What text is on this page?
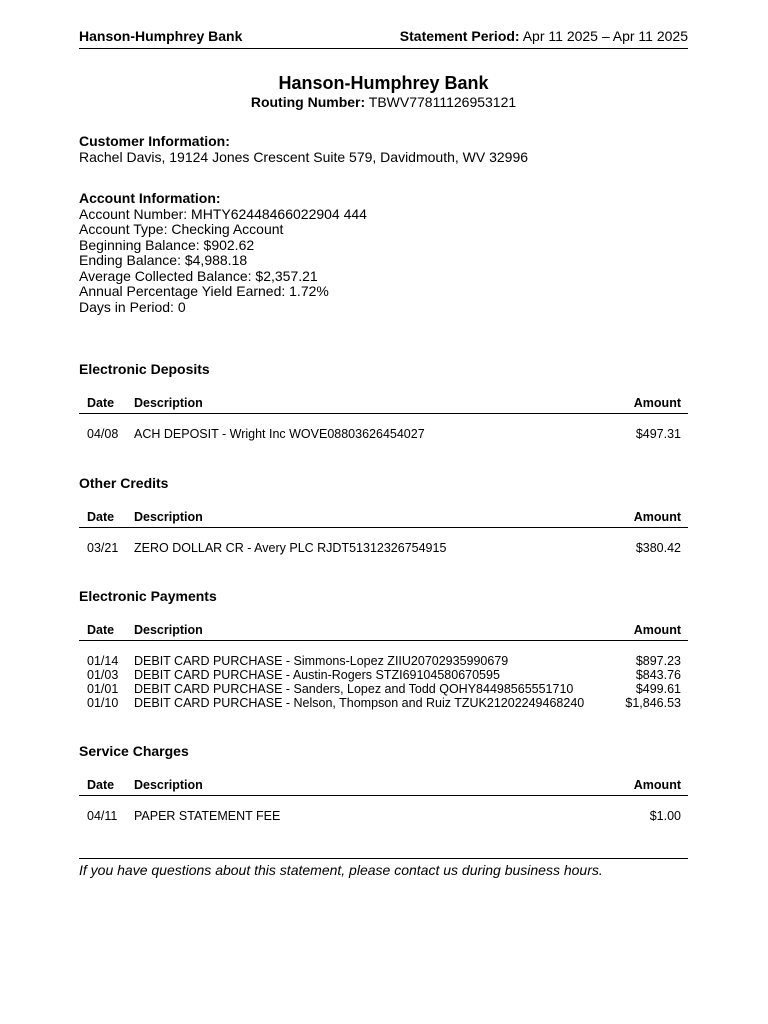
Hanson-Humphrey Bank	Statement Period: Apr 11 2025 – Apr 11 2025
Hanson-Humphrey Bank
Routing Number: TBWV77811126953121
Customer Information:
Rachel Davis, 19124 Jones Crescent Suite 579, Davidmouth, WV 32996
Account Information:
Account Number: MHTY62448466022904 444
Account Type: Checking Account
Beginning Balance: $902.62
Ending Balance: $4,988.18
Average Collected Balance: $2,357.21
Annual Percentage Yield Earned: 1.72%
Days in Period: 0
Electronic Deposits
Date	Description	Amount

04/08	ACH DEPOSIT - Wright Inc WOVE08803626454027	$497.31
Other Credits
Date	Description	Amount

03/21	ZERO DOLLAR CR - Avery PLC RJDT51312326754915	$380.42
Electronic Payments
Date	Description	Amount

01/14	DEBIT CARD PURCHASE - Simmons-Lopez ZIIU20702935990679	$897.23
01/03	DEBIT CARD PURCHASE - Austin-Rogers STZI69104580670595	$843.76
01/01	DEBIT CARD PURCHASE - Sanders, Lopez and Todd QOHY84498565551710	$499.61
01/10	DEBIT CARD PURCHASE - Nelson, Thompson and Ruiz TZUK21202249468240	$1,846.53
Service Charges
Date	Description	Amount

04/11	PAPER STATEMENT FEE	$1.00
If you have questions about this statement, please contact us during business hours.
